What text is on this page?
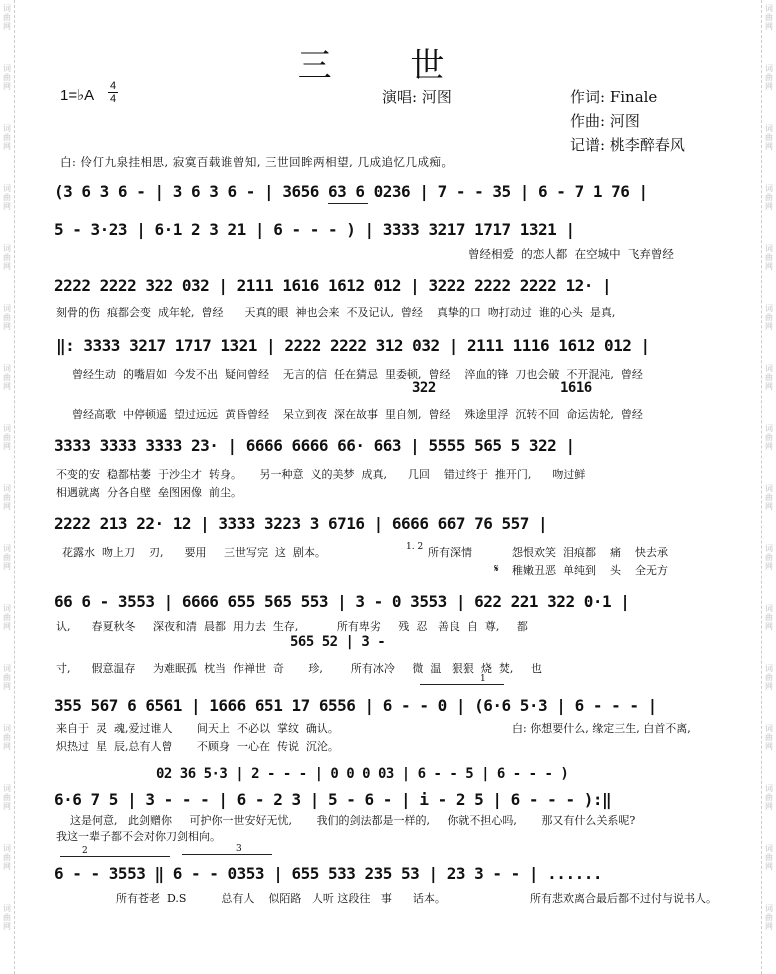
词
曲
网
词
曲
网
词
曲
网
词
曲
网
词
曲
网
词
曲
网
词
曲
网
词
曲
网
词
曲
网
词
曲
网
词
曲
网
词
曲
网
词
曲
网
词
曲
网
词
曲
网
词
曲
网
词
曲
网
词
曲
网
词
曲
网
词
曲
网
词
曲
网
词
曲
网
词
曲
网
词
曲
网
词
曲
网
词
曲
网
词
曲
网
词
曲
网
词
曲
网
词
曲
网
词
曲
网
词
曲
网
三 世
1=♭A
4
4	演唱: 河图	作词: Finale
作曲: 河图
记谱: 桃李醉春风
白: 伶仃九泉挂相思, 寂寞百载谁曾知, 三世回眸两相望, 几成追忆几成痴。
(3 6 3 6 - | 3 6 3 6 - | 3656 63 6 0236 | 7 - - 35 | 6 - 7 1 76 |
5 - 3·23 | 6·1 2 3 21 | 6 - - - ) | 3333 3217 1717 1321 |
曾经相爱  的恋人都  在空城中  飞弃曾经
2222 2222 322 032 | 2111 1616 1612 012 | 3222 2222 2222 12· |
刻骨的伤  痕都会变  成年轮,  曾经      天真的眼  神也会来  不及记认,  曾经    真挚的口  吻打动过  谁的心头  是真,
‖: 3333 3217 1717 1321 | 2222 2222 312 032 | 2111 1116 1612 012 |
曾经生动  的嘴眉如  今发不出  疑问曾经    无言的信  任在猜忌  里委顿,  曾经    淬血的锋  刀也会破  不开混沌,  曾经
322	1616
曾经高歌  中停顿遥  望过远远  黄昏曾经    呆立到夜  深在故事  里自刎,  曾经    殊途里浮  沉转不回  命运齿轮,  曾经
3333 3333 3333 23· | 6666 6666 66· 663 | 5555 565 5 322 |
不变的安  稳都枯萎  于沙尘才  转身。     另一种意  义的美梦  成真,      几回    错过终于  推开门,      吻过鲜
相遇就离  分各自壁  垒图困像  前尘。
2222 213 22· 12 | 3333 3223 3 6716 | 6666 667 76 557 |
1. 2
花露水  吻上刀    刃,      要用     三世写完  这  剧本。	所有深情	怨恨欢笑  泪痕都    痛    快去承
𝄋 稚嫩丑恶  单纯到    头    全无方
66 6 - 3553 | 6666 655 565 553 | 3 - 0 3553 | 622 221 322 0·1 |
认,      春夏秋冬     深夜和清  晨都  用力去  生存,           所有卑劣     残  忍   善良  自  尊,     都
565 52 | 3 -
寸,      假意温存     为难眠孤  枕当  作禅世  奇       珍,        所有冰冷     微  温   狠狠  烧  焚,     也
1
355 567 6 6561 | 1666 651 17 6556 | 6 - - 0 | (6·6 5·3 | 6 - - - |
来自于  灵  魂,爱过谁人       间天上  不必以  掌纹  确认。	白: 你想要什么, 缘定三生, 白首不离,
炽热过  星  辰,总有人曾       不顾身  一心在  传说  沉沦。
02 36 5·3 | 2 - - - | 0 0 0 03 | 6 - - 5 | 6 - - - )
6·6 7 5 | 3 - - - | 6 - 2 3 | 5 - 6 - | i - 2 5 | 6 - - - ):‖
这是何意,   此剑赠你     可护你一世安好无忧,       我们的剑法都是一样的,     你就不担心吗,       那又有什么关系呢?
我这一辈子都不会对你刀剑相向。
2	3
6 - - 3553 ‖ 6 - - 0353 | 655 533 235 53 | 23 3 - - | ......
所有苍老  D.S          总有人    似陌路   人听 这段往   事      话本。	所有悲欢离合最后都不过付与说书人。
